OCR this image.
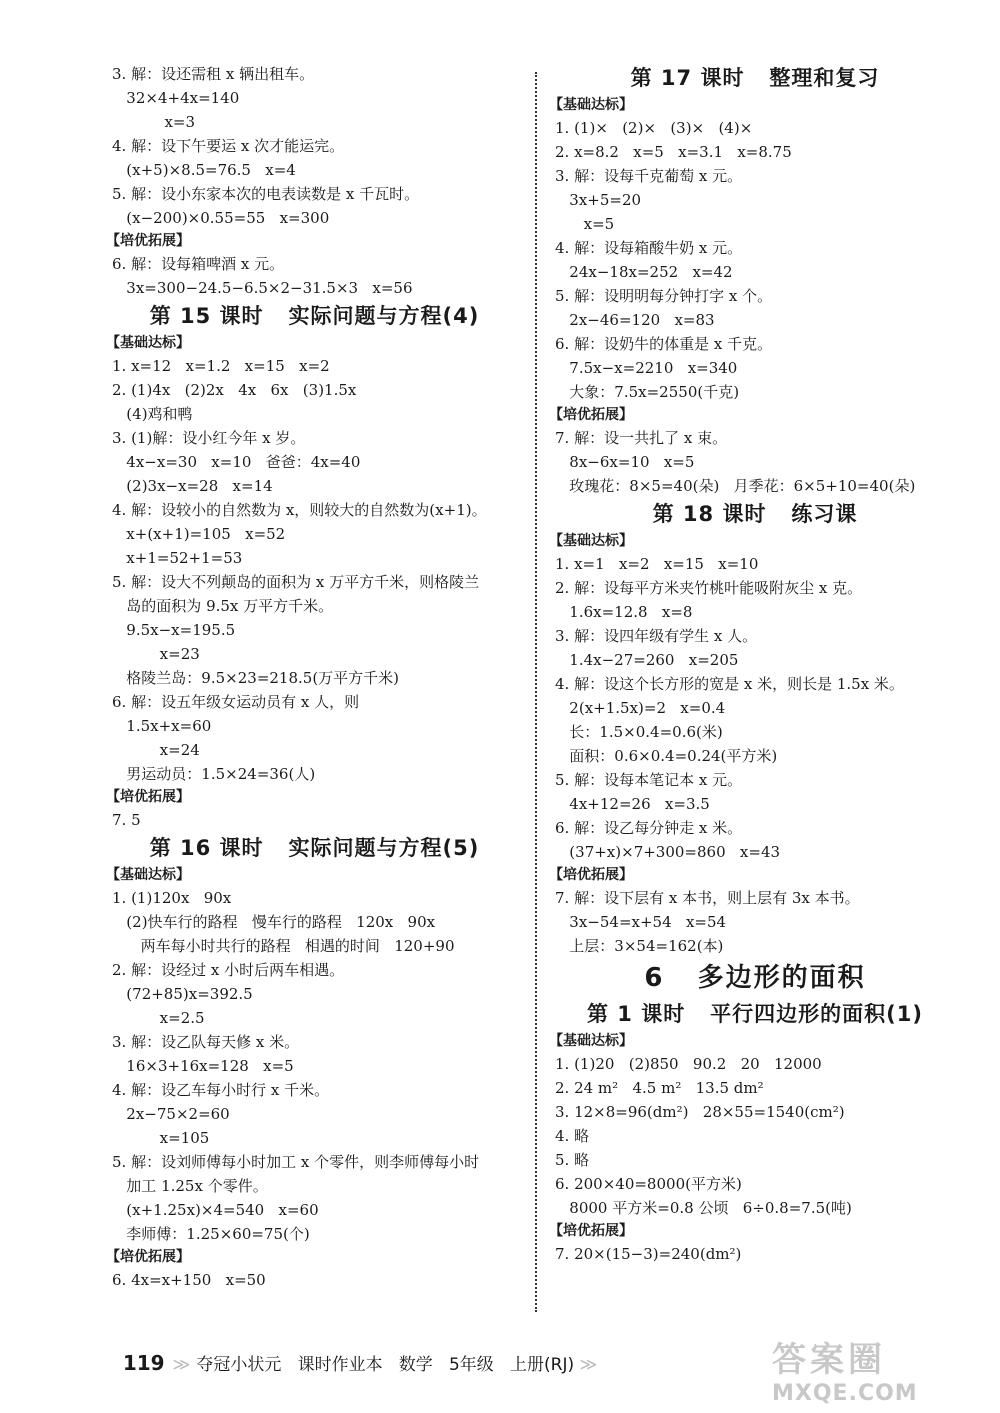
3. 解：设还需租 x 辆出租车。
32×4+4x=140
x=3
4. 解：设下午要运 x 次才能运完。
(x+5)×8.5=76.5   x=4
5. 解：设小东家本次的电表读数是 x 千瓦时。
(x−200)×0.55=55   x=300
【培优拓展】
6. 解：设每箱啤酒 x 元。
3x=300−24.5−6.5×2−31.5×3   x=56
第 15 课时   实际问题与方程(4)
【基础达标】
1. x=12   x=1.2   x=15   x=2
2. (1)4x   (2)2x   4x   6x   (3)1.5x
(4)鸡和鸭
3. (1)解：设小红今年 x 岁。
4x−x=30   x=10   爸爸：4x=40
(2)3x−x=28   x=14
4. 解：设较小的自然数为 x，则较大的自然数为(x+1)。
x+(x+1)=105   x=52
x+1=52+1=53
5. 解：设大不列颠岛的面积为 x 万平方千米，则格陵兰
岛的面积为 9.5x 万平方千米。
9.5x−x=195.5
x=23
格陵兰岛：9.5×23=218.5(万平方千米)
6. 解：设五年级女运动员有 x 人，则
1.5x+x=60
x=24
男运动员：1.5×24=36(人)
【培优拓展】
7. 5
第 16 课时   实际问题与方程(5)
【基础达标】
1. (1)120x   90x
(2)快车行的路程   慢车行的路程   120x   90x
两车每小时共行的路程   相遇的时间   120+90
2. 解：设经过 x 小时后两车相遇。
(72+85)x=392.5
x=2.5
3. 解：设乙队每天修 x 米。
16×3+16x=128   x=5
4. 解：设乙车每小时行 x 千米。
2x−75×2=60
x=105
5. 解：设刘师傅每小时加工 x 个零件，则李师傅每小时
加工 1.25x 个零件。
(x+1.25x)×4=540   x=60
李师傅：1.25×60=75(个)
【培优拓展】
6. 4x=x+150   x=50
第 17 课时   整理和复习
【基础达标】
1. (1)×   (2)×   (3)×   (4)×
2. x=8.2   x=5   x=3.1   x=8.75
3. 解：设每千克葡萄 x 元。
3x+5=20
x=5
4. 解：设每箱酸牛奶 x 元。
24x−18x=252   x=42
5. 解：设明明每分钟打字 x 个。
2x−46=120   x=83
6. 解：设奶牛的体重是 x 千克。
7.5x−x=2210   x=340
大象：7.5x=2550(千克)
【培优拓展】
7. 解：设一共扎了 x 束。
8x−6x=10   x=5
玫瑰花：8×5=40(朵)   月季花：6×5+10=40(朵)
第 18 课时   练习课
【基础达标】
1. x=1   x=2   x=15   x=10
2. 解：设每平方米夹竹桃叶能吸附灰尘 x 克。
1.6x=12.8   x=8
3. 解：设四年级有学生 x 人。
1.4x−27=260   x=205
4. 解：设这个长方形的宽是 x 米，则长是 1.5x 米。
2(x+1.5x)=2   x=0.4
长：1.5×0.4=0.6(米)
面积：0.6×0.4=0.24(平方米)
5. 解：设每本笔记本 x 元。
4x+12=26   x=3.5
6. 解：设乙每分钟走 x 米。
(37+x)×7+300=860   x=43
【培优拓展】
7. 解：设下层有 x 本书，则上层有 3x 本书。
3x−54=x+54   x=54
上层：3×54=162(本)
6   多边形的面积
第 1 课时   平行四边形的面积(1)
【基础达标】
1. (1)20   (2)850   90.2   20   12000
2. 24 m²   4.5 m²   13.5 dm²
3. 12×8=96(dm²)   28×55=1540(cm²)
4. 略
5. 略
6. 200×40=8000(平方米)
8000 平方米=0.8 公顷   6÷0.8=7.5(吨)
【培优拓展】
7. 20×(15−3)=240(dm²)

119 ≫ 夺冠小状元   课时作业本   数学   5年级   上册(RJ) ≫	答案圈
MXQE.COM
